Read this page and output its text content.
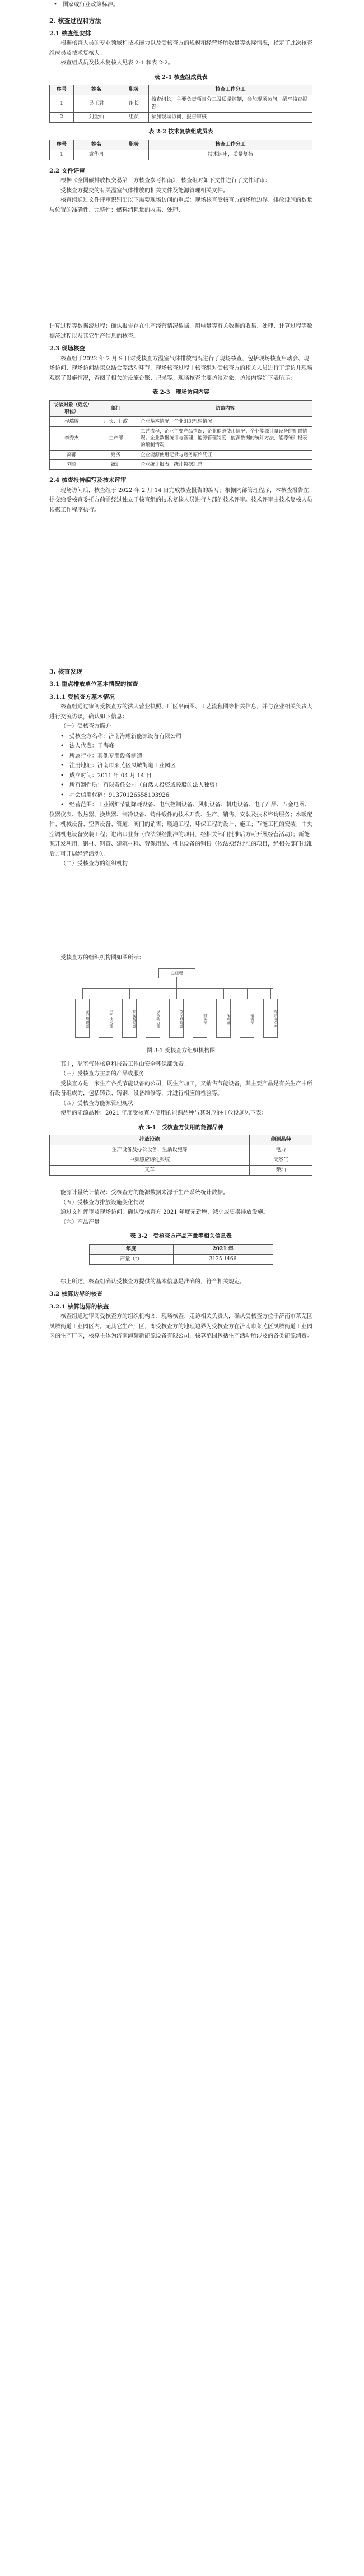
•　国家或行业政策标准。

2. 核查过程和方法

2.1 核查组安排

根据核查人员的专业领域和技术能力以及受核查方的规模和经营场所数量等实际情况，指定了此次核查组成员及技术复核人。

核查组成员及技术复核人见表 2-1 和表 2-2。

表 2-1 核查组成员表

序号	姓名	职务	核查工作分工
1	吴正君	组长	核查组长，主要负责项目分工及质量控制，参加现场访问，撰写核查报告
2	刘金仙	组员	参加现场访问，报告审核

表 2-2 技术复核组成员表

序号	姓名	职务	核查工作分工
1	袁华丹		技术评审，质量复核

2.2 文件评审

根据《全国碳排放权交易第三方核查参考指南》，核查组对如下文件进行了文件评审：

受核查方提交的有关温室气体排放的相关文件及能源管理相关文件。

核查组通过文件评审识别出以下需要现场访问的重点：现场核查受核查方的场所边界、排放设施的数量与位置的准确性、完整性；燃料消耗量的收集、处理、

计算过程等数据流过程；确认报告存在生产经营情况数据，用电量等有关数据的收集、处理、计算过程等数据流过程以及其它生产信息的核查。

2.3 现场核查

核查组于2022 年 2 月 9 日对受核查方温室气体排放情况进行了现场核查，包括现场核查启动会、现场访问、现场访问结束总结会等活动环节，现场核查过程中核查组对受核查方的相关人员进行了走访并现场观察了设施情况，查阅了相关的设施台账、记录等。现场核查主要访谈对象，访谈内容如下表所示：

表 2-3　现场访问内容

访谈对象（姓名/职位）	部门	访谈内容
程瑞敏	厂长、行政	企业基本情况，企业组织机构情况
李秀杰	生产部	工艺流程，企业主要产品情况；企业能源使用情况；企业能源计量设备的配置情况；企业数据统计与管理，能源管理制度，能源数据的统计方法，能源统计报表的编制情况
高静	财务	企业能源使用记录与财务原始凭证
刘晓	统计	企业统计报表，统计数据汇总

2.4 核查报告编写及技术评审

现场访问后，核查组于 2022 年 2 月 14 日完成核查报告的编写；根据内部管理程序，本核查报告在提交给受核查委托方前需经过独立于核查组的技术复核人员进行内部的技术评审。技术评审由技术复核人员根据工作程序执行。

3. 核查发现

3.1 重点排放单位基本情况的核查

3.1.1 受核查方基本情况

核查组通过审阅受核查方的法人营业执照、厂区平面图、工艺流程图等相关信息，并与企业相关负责人进行交流访谈，确认如下信息：

（一）受核查方简介

•　受核查方名称：济南海耀新能源设备有限公司

•　法人代表：于海峰

•　所属行业：其他专用设备制造

•　注册地址：济南市莱芜区凤城街道工业园区

•　成立时间：2011 年 04 月 14 日

•　所有制性质：有限责任公司（自然人投资或控股的法人独资）

•　社会信用代码：91370126558103926

•　经营范围：工业锅炉节能降耗设备、电气控制设备、风机设备、机电设备、电子产品、五金电器、仪器仪表、散热器、换热器、制冷设备、铸件锻件的技术开发、生产、销售、安装及技术咨询服务；水暖配件、机械设备、空调设备、管道、阀门的销售；暖通工程、环保工程的设计、施工；节能工程的安装；中央空调机电设备安装工程；进出口业务（依法须经批准的项目，经相关部门批准后方可开展经营活动）；新能源开发利用，钢材、钢管、建筑材料、劳保用品、机电设备的销售（依法须经批准的项目，经相关部门批准后方可开展经营活动）。

（二）受核查方的组织机构

受核查方的组织机构图如图所示：

总经理
企业管理部	生产技术部	质量检验部	设备动力部	安全环保部	财务部	采购部	销售部	综合办公室

图 3-1 受核查方组织机构图

其中，温室气体核算和报告工作由安全环保部负责。

（三）受核查方主要的产品或服务

受核查方是一家生产各类节能设备的公司，既生产加工，又销售节能设备，其主要产品是有关生产中所有设备组成的，包括铸铁、铸钢、设备维修等，并进行相应的检验等。

（四）受核查方能源管理现状

使用的能源品种：2021 年度受核查方使用的能源品种与其对应的排放设施见下表：

表 3-1　受核查方使用的能源品种

排放设施	能源品种
生产设备及办公设备、生活设施等	电力
中频感应熔化系统	天然气
叉车	柴油

能源计量统计情况：受核查方的能源数据来源于生产系统统计数据。

（五）受核查方排放设施变化情况

通过文件评审及现场访问，确认受核查方 2021 年度无新增、减少或更换排放设施。

（六）产品产量

表 3-2　受核查方产品产量等相关信息表

年度	2021 年
产量（t）	3125.1466

综上所述，核查组确认受核查方提供的基本信息是准确的，符合相关规定。

3.2 核算边界的核查

3.2.1 核算边界的核查

核查组通过审阅受核查方的组织机构图、现场核查、走访相关负责人，确认受核查方位于济南市莱芜区凤城街道工业园区内。无其它生产厂区，即受核查方的地理边界为受核查方在济南市莱芜区凤城街道工业园区的生产厂区，核算主体为济南海耀新能源设备有限公司，核算范围包括生产活动所涉及的各类能源消费。
